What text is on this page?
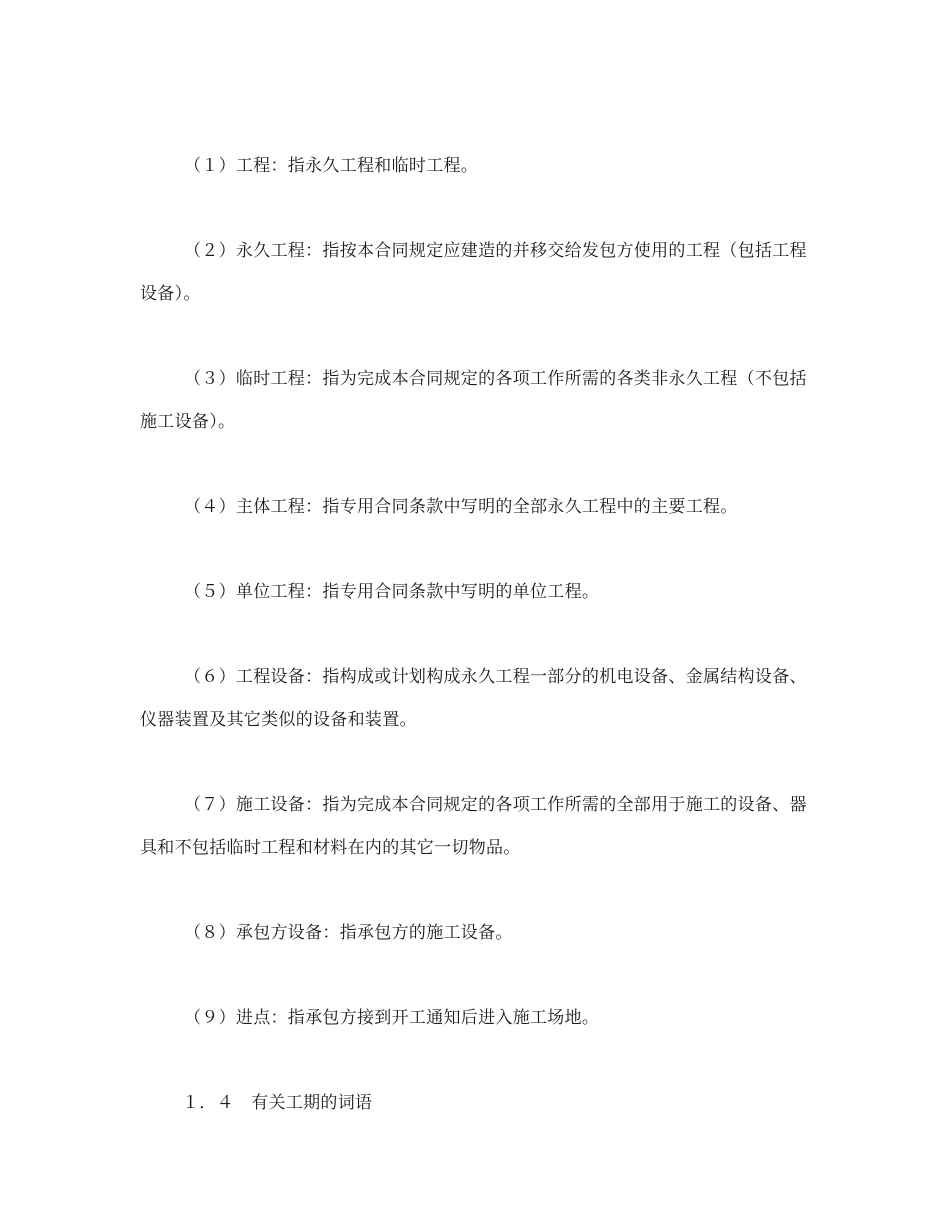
（１）工程：指永久工程和临时工程。

（２）永久工程：指按本合同规定应建造的并移交给发包方使用的工程（包括工程设备）。

（３）临时工程：指为完成本合同规定的各项工作所需的各类非永久工程（不包括施工设备）。

（４）主体工程：指专用合同条款中写明的全部永久工程中的主要工程。

（５）单位工程：指专用合同条款中写明的单位工程。

（６）工程设备：指构成或计划构成永久工程一部分的机电设备、金属结构设备、仪器装置及其它类似的设备和装置。

（７）施工设备：指为完成本合同规定的各项工作所需的全部用于施工的设备、器具和不包括临时工程和材料在内的其它一切物品。

（８）承包方设备：指承包方的施工设备。

（９）进点：指承包方接到开工通知后进入施工场地。

１．４　有关工期的词语
